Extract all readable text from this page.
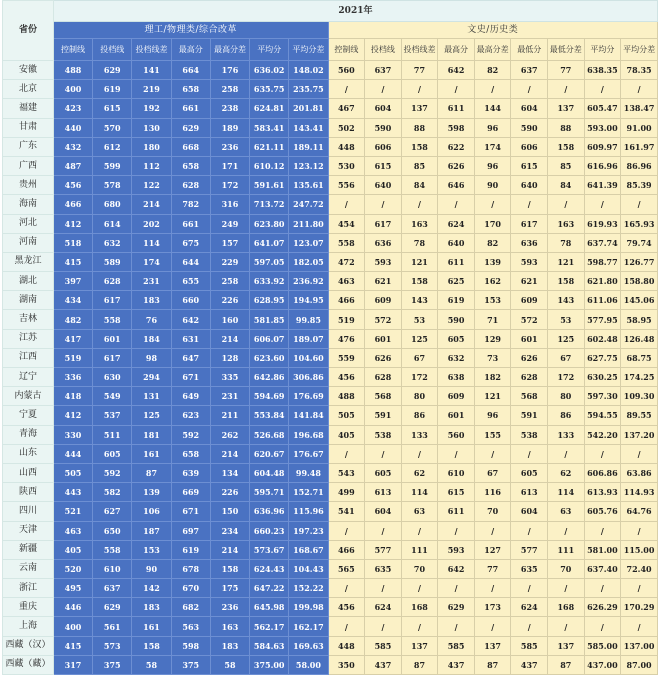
省份	2021年															
	理工/物理类/综合改革							文史/历史类								
	控制线	投档线	投档线差	最高分	最高分差	平均分	平均分差	控制线	投档线	投档线差	最高分	最高分差	最低分	最低分差	平均分	平均分差
安徽	488	629	141	664	176	636.02	148.02	560	637	77	642	82	637	77	638.35	78.35
北京	400	619	219	658	258	635.75	235.75	/	/	/	/	/	/	/	/	/
福建	423	615	192	661	238	624.81	201.81	467	604	137	611	144	604	137	605.47	138.47
甘肃	440	570	130	629	189	583.41	143.41	502	590	88	598	96	590	88	593.00	91.00
广东	432	612	180	668	236	621.11	189.11	448	606	158	622	174	606	158	609.97	161.97
广西	487	599	112	658	171	610.12	123.12	530	615	85	626	96	615	85	616.96	86.96
贵州	456	578	122	628	172	591.61	135.61	556	640	84	646	90	640	84	641.39	85.39
海南	466	680	214	782	316	713.72	247.72	/	/	/	/	/	/	/	/	/
河北	412	614	202	661	249	623.80	211.80	454	617	163	624	170	617	163	619.93	165.93
河南	518	632	114	675	157	641.07	123.07	558	636	78	640	82	636	78	637.74	79.74
黑龙江	415	589	174	644	229	597.05	182.05	472	593	121	611	139	593	121	598.77	126.77
湖北	397	628	231	655	258	633.92	236.92	463	621	158	625	162	621	158	621.80	158.80
湖南	434	617	183	660	226	628.95	194.95	466	609	143	619	153	609	143	611.06	145.06
吉林	482	558	76	642	160	581.85	99.85	519	572	53	590	71	572	53	577.95	58.95
江苏	417	601	184	631	214	606.07	189.07	476	601	125	605	129	601	125	602.48	126.48
江西	519	617	98	647	128	623.60	104.60	559	626	67	632	73	626	67	627.75	68.75
辽宁	336	630	294	671	335	642.86	306.86	456	628	172	638	182	628	172	630.25	174.25
内蒙古	418	549	131	649	231	594.69	176.69	488	568	80	609	121	568	80	597.30	109.30
宁夏	412	537	125	623	211	553.84	141.84	505	591	86	601	96	591	86	594.55	89.55
青海	330	511	181	592	262	526.68	196.68	405	538	133	560	155	538	133	542.20	137.20
山东	444	605	161	658	214	620.67	176.67	/	/	/	/	/	/	/	/	/
山西	505	592	87	639	134	604.48	99.48	543	605	62	610	67	605	62	606.86	63.86
陕西	443	582	139	669	226	595.71	152.71	499	613	114	615	116	613	114	613.93	114.93
四川	521	627	106	671	150	636.96	115.96	541	604	63	611	70	604	63	605.76	64.76
天津	463	650	187	697	234	660.23	197.23	/	/	/	/	/	/	/	/	/
新疆	405	558	153	619	214	573.67	168.67	466	577	111	593	127	577	111	581.00	115.00
云南	520	610	90	678	158	624.43	104.43	565	635	70	642	77	635	70	637.40	72.40
浙江	495	637	142	670	175	647.22	152.22	/	/	/	/	/	/	/	/	/
重庆	446	629	183	682	236	645.98	199.98	456	624	168	629	173	624	168	626.29	170.29
上海	400	561	161	563	163	562.17	162.17	/	/	/	/	/	/	/	/	/
西藏（汉）	415	573	158	598	183	584.63	169.63	448	585	137	585	137	585	137	585.00	137.00
西藏（藏）	317	375	58	375	58	375.00	58.00	350	437	87	437	87	437	87	437.00	87.00
